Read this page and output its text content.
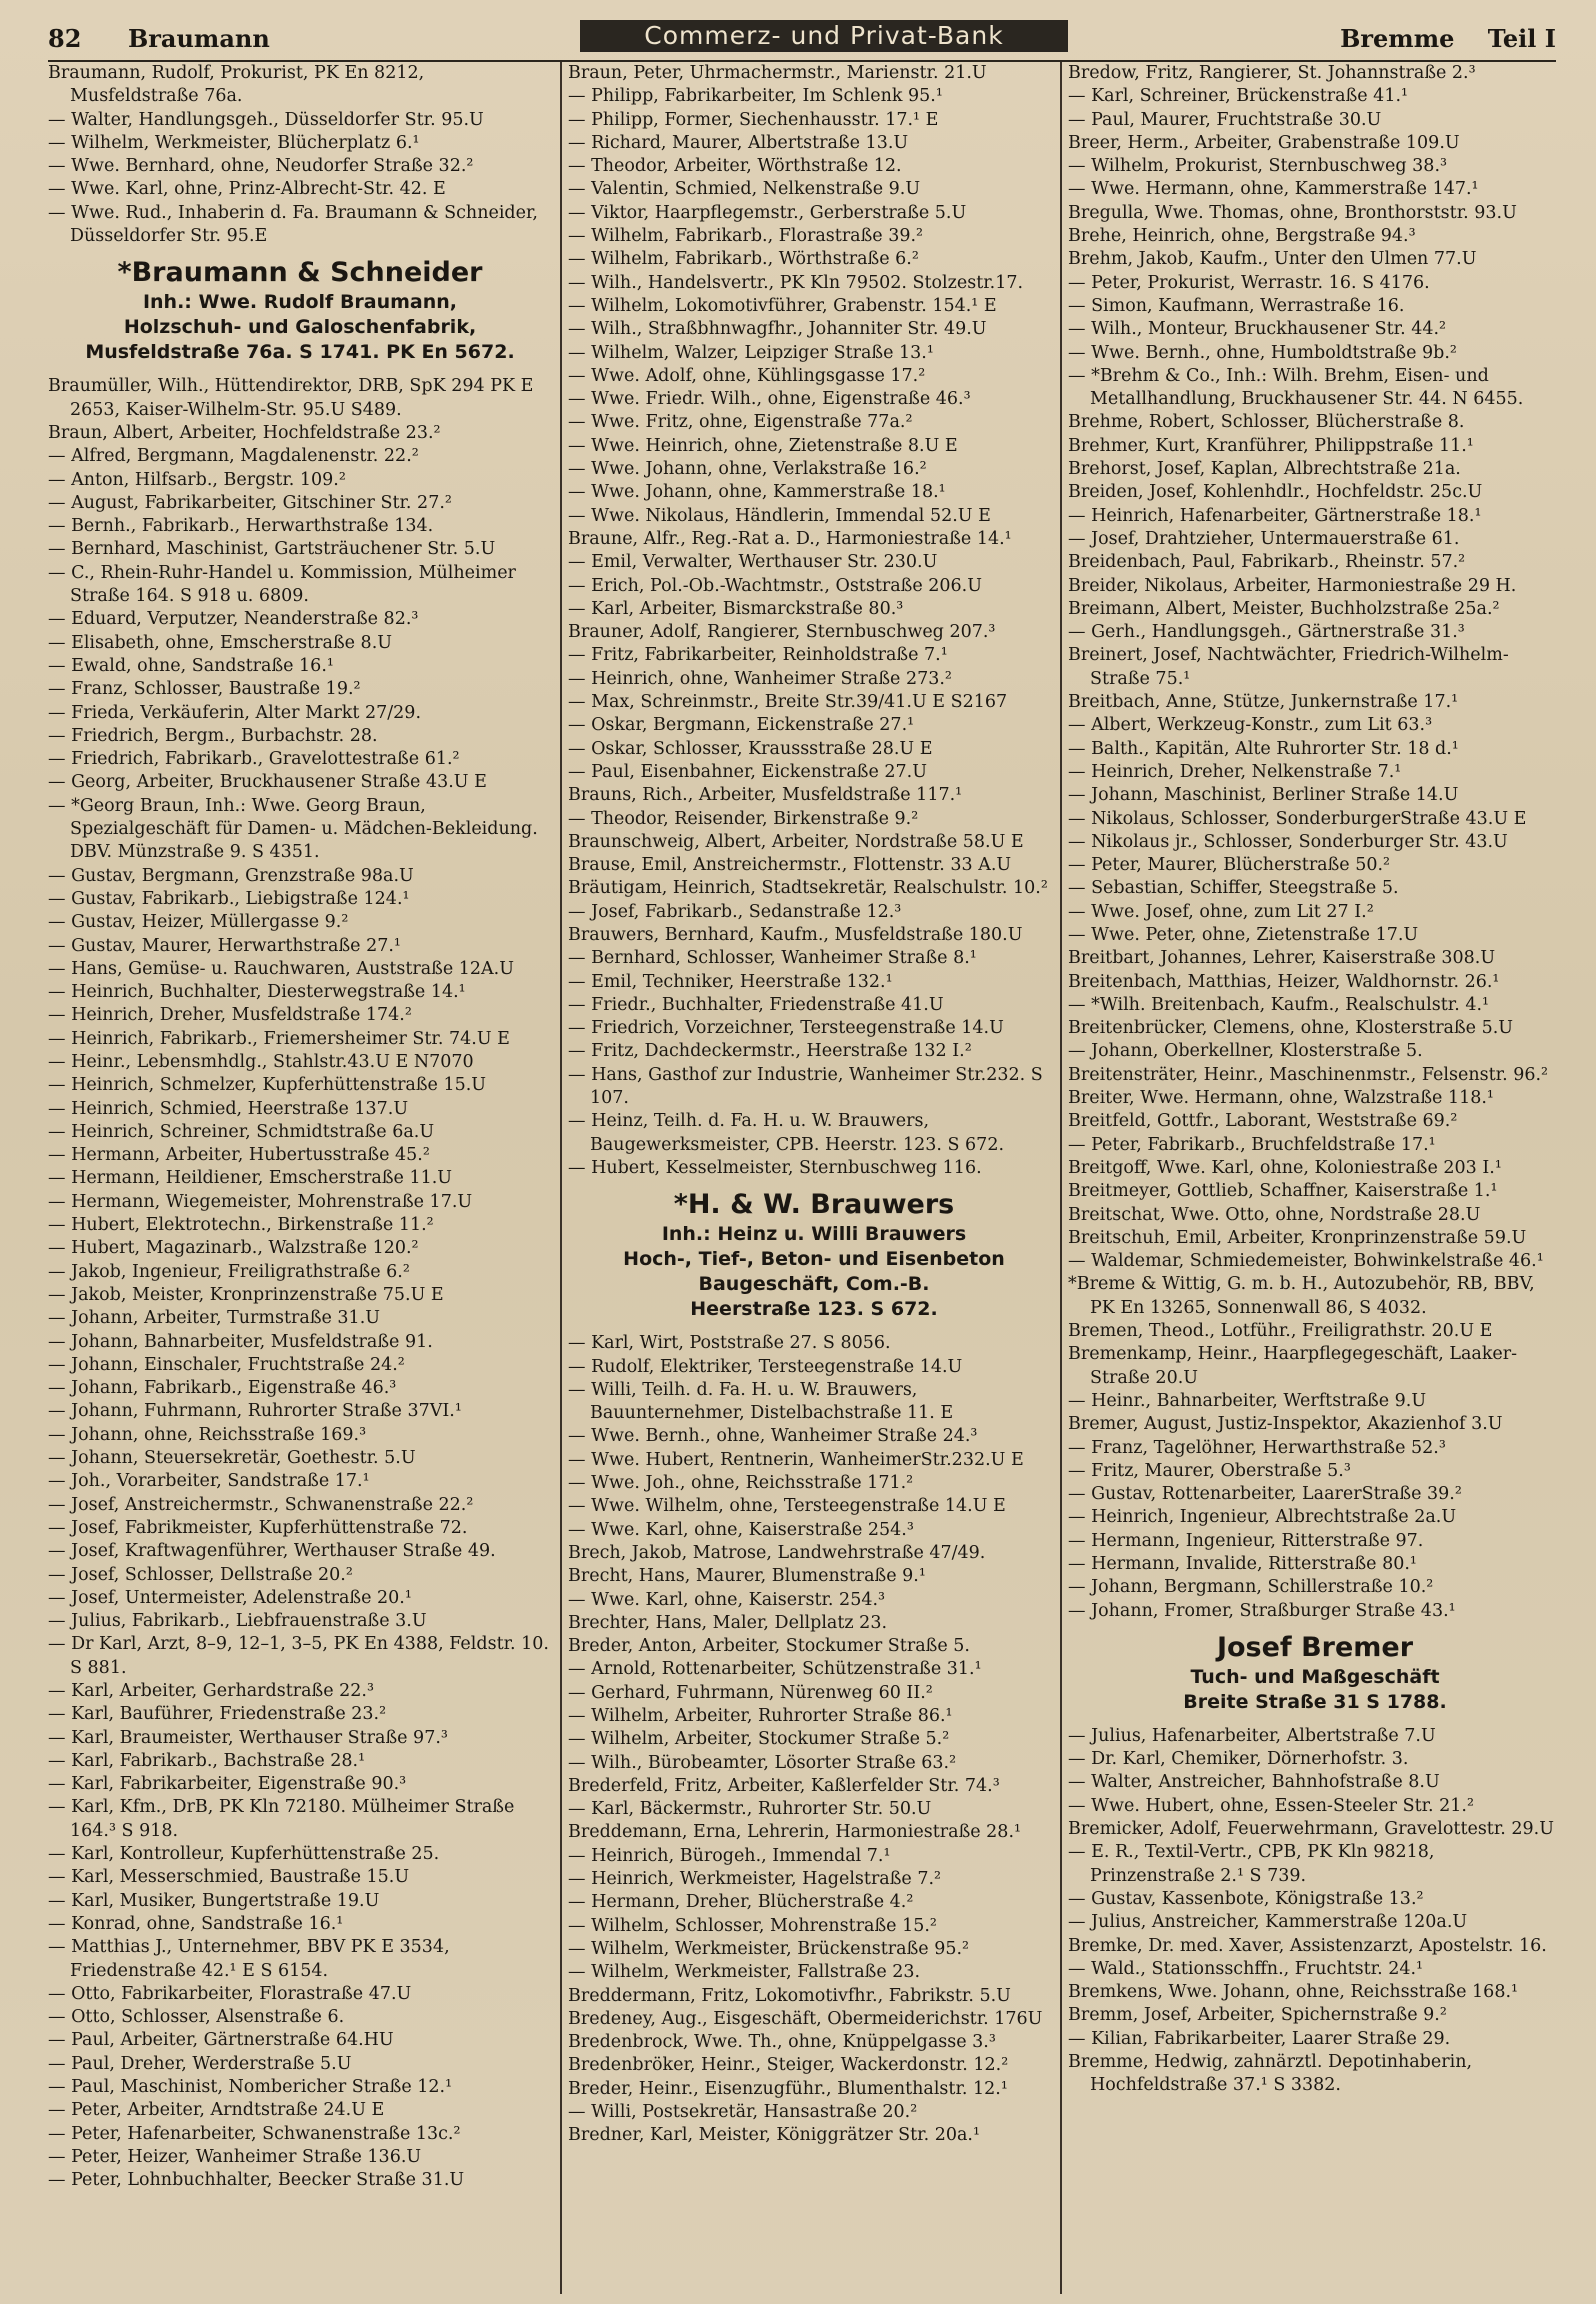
82 Braumann	Commerz- und Privat-Bank	Bremme Teil I
Braumann, Rudolf, Prokurist, PK En 8212, Musfeldstraße 76a.
— Walter, Handlungsgeh., Düsseldorfer Str. 95.U
— Wilhelm, Werkmeister, Blücherplatz 6.¹
— Wwe. Bernhard, ohne, Neudorfer Straße 32.²
— Wwe. Karl, ohne, Prinz-Albrecht-Str. 42. E
— Wwe. Rud., Inhaberin d. Fa. Braumann & Schneider, Düsseldorfer Str. 95.E
*Braumann & Schneider
Inh.: Wwe. Rudolf Braumann,
Holzschuh- und Galoschenfabrik,
Musfeldstraße 76a. S 1741. PK En 5672.
Braumüller, Wilh., Hüttendirektor, DRB, SpK 294 PK E 2653, Kaiser-Wilhelm-Str. 95.U S489.
Braun, Albert, Arbeiter, Hochfeldstraße 23.²
— Alfred, Bergmann, Magdalenenstr. 22.²
— Anton, Hilfsarb., Bergstr. 109.²
— August, Fabrikarbeiter, Gitschiner Str. 27.²
— Bernh., Fabrikarb., Herwarthstraße 134.
— Bernhard, Maschinist, Gartsträuchener Str. 5.U
— C., Rhein-Ruhr-Handel u. Kommission, Mülheimer Straße 164. S 918 u. 6809.
— Eduard, Verputzer, Neanderstraße 82.³
— Elisabeth, ohne, Emscherstraße 8.U
— Ewald, ohne, Sandstraße 16.¹
— Franz, Schlosser, Baustraße 19.²
— Frieda, Verkäuferin, Alter Markt 27/29.
— Friedrich, Bergm., Burbachstr. 28.
— Friedrich, Fabrikarb., Gravelottestraße 61.²
— Georg, Arbeiter, Bruckhausener Straße 43.U E
— *Georg Braun, Inh.: Wwe. Georg Braun, Spezialgeschäft für Damen- u. Mädchen-Bekleidung. DBV. Münzstraße 9. S 4351.
— Gustav, Bergmann, Grenzstraße 98a.U
— Gustav, Fabrikarb., Liebigstraße 124.¹
— Gustav, Heizer, Müllergasse 9.²
— Gustav, Maurer, Herwarthstraße 27.¹
— Hans, Gemüse- u. Rauchwaren, Auststraße 12A.U
— Heinrich, Buchhalter, Diesterwegstraße 14.¹
— Heinrich, Dreher, Musfeldstraße 174.²
— Heinrich, Fabrikarb., Friemersheimer Str. 74.U E
— Heinr., Lebensmhdlg., Stahlstr.43.U E N7070
— Heinrich, Schmelzer, Kupferhüttenstraße 15.U
— Heinrich, Schmied, Heerstraße 137.U
— Heinrich, Schreiner, Schmidtstraße 6a.U
— Hermann, Arbeiter, Hubertusstraße 45.²
— Hermann, Heildiener, Emscherstraße 11.U
— Hermann, Wiegemeister, Mohrenstraße 17.U
— Hubert, Elektrotechn., Birkenstraße 11.²
— Hubert, Magazinarb., Walzstraße 120.²
— Jakob, Ingenieur, Freiligrathstraße 6.²
— Jakob, Meister, Kronprinzenstraße 75.U E
— Johann, Arbeiter, Turmstraße 31.U
— Johann, Bahnarbeiter, Musfeldstraße 91.
— Johann, Einschaler, Fruchtstraße 24.²
— Johann, Fabrikarb., Eigenstraße 46.³
— Johann, Fuhrmann, Ruhrorter Straße 37VI.¹
— Johann, ohne, Reichsstraße 169.³
— Johann, Steuersekretär, Goethestr. 5.U
— Joh., Vorarbeiter, Sandstraße 17.¹
— Josef, Anstreichermstr., Schwanenstraße 22.²
— Josef, Fabrikmeister, Kupferhüttenstraße 72.
— Josef, Kraftwagenführer, Werthauser Straße 49.
— Josef, Schlosser, Dellstraße 20.²
— Josef, Untermeister, Adelenstraße 20.¹
— Julius, Fabrikarb., Liebfrauenstraße 3.U
— Dr Karl, Arzt, 8–9, 12–1, 3–5, PK En 4388, Feldstr. 10. S 881.
— Karl, Arbeiter, Gerhardstraße 22.³
— Karl, Bauführer, Friedenstraße 23.²
— Karl, Braumeister, Werthauser Straße 97.³
— Karl, Fabrikarb., Bachstraße 28.¹
— Karl, Fabrikarbeiter, Eigenstraße 90.³
— Karl, Kfm., DrB, PK Kln 72180. Mülheimer Straße 164.³ S 918.
— Karl, Kontrolleur, Kupferhüttenstraße 25.
— Karl, Messerschmied, Baustraße 15.U
— Karl, Musiker, Bungertstraße 19.U
— Konrad, ohne, Sandstraße 16.¹
— Matthias J., Unternehmer, BBV PK E 3534, Friedenstraße 42.¹ E S 6154.
— Otto, Fabrikarbeiter, Florastraße 47.U
— Otto, Schlosser, Alsenstraße 6.
— Paul, Arbeiter, Gärtnerstraße 64.HU
— Paul, Dreher, Werderstraße 5.U
— Paul, Maschinist, Nombericher Straße 12.¹
— Peter, Arbeiter, Arndtstraße 24.U E
— Peter, Hafenarbeiter, Schwanenstraße 13c.²
— Peter, Heizer, Wanheimer Straße 136.U
— Peter, Lohnbuchhalter, Beecker Straße 31.U
Braun, Peter, Uhrmachermstr., Marienstr. 21.U
— Philipp, Fabrikarbeiter, Im Schlenk 95.¹
— Philipp, Former, Siechenhausstr. 17.¹ E
— Richard, Maurer, Albertstraße 13.U
— Theodor, Arbeiter, Wörthstraße 12.
— Valentin, Schmied, Nelkenstraße 9.U
— Viktor, Haarpflegemstr., Gerberstraße 5.U
— Wilhelm, Fabrikarb., Florastraße 39.²
— Wilhelm, Fabrikarb., Wörthstraße 6.²
— Wilh., Handelsvertr., PK Kln 79502. Stolzestr.17.
— Wilhelm, Lokomotivführer, Grabenstr. 154.¹ E
— Wilh., Straßbhnwagfhr., Johanniter Str. 49.U
— Wilhelm, Walzer, Leipziger Straße 13.¹
— Wwe. Adolf, ohne, Kühlingsgasse 17.²
— Wwe. Friedr. Wilh., ohne, Eigenstraße 46.³
— Wwe. Fritz, ohne, Eigenstraße 77a.²
— Wwe. Heinrich, ohne, Zietenstraße 8.U E
— Wwe. Johann, ohne, Verlakstraße 16.²
— Wwe. Johann, ohne, Kammerstraße 18.¹
— Wwe. Nikolaus, Händlerin, Immendal 52.U E
Braune, Alfr., Reg.-Rat a. D., Harmoniestraße 14.¹
— Emil, Verwalter, Werthauser Str. 230.U
— Erich, Pol.-Ob.-Wachtmstr., Oststraße 206.U
— Karl, Arbeiter, Bismarckstraße 80.³
Brauner, Adolf, Rangierer, Sternbuschweg 207.³
— Fritz, Fabrikarbeiter, Reinholdstraße 7.¹
— Heinrich, ohne, Wanheimer Straße 273.²
— Max, Schreinmstr., Breite Str.39/41.U E S2167
— Oskar, Bergmann, Eickenstraße 27.¹
— Oskar, Schlosser, Kraussstraße 28.U E
— Paul, Eisenbahner, Eickenstraße 27.U
Brauns, Rich., Arbeiter, Musfeldstraße 117.¹
— Theodor, Reisender, Birkenstraße 9.²
Braunschweig, Albert, Arbeiter, Nordstraße 58.U E
Brause, Emil, Anstreichermstr., Flottenstr. 33 A.U
Bräutigam, Heinrich, Stadtsekretär, Realschulstr. 10.²
— Josef, Fabrikarb., Sedanstraße 12.³
Brauwers, Bernhard, Kaufm., Musfeldstraße 180.U
— Bernhard, Schlosser, Wanheimer Straße 8.¹
— Emil, Techniker, Heerstraße 132.¹
— Friedr., Buchhalter, Friedenstraße 41.U
— Friedrich, Vorzeichner, Tersteegenstraße 14.U
— Fritz, Dachdeckermstr., Heerstraße 132 I.²
— Hans, Gasthof zur Industrie, Wanheimer Str.232. S 107.
— Heinz, Teilh. d. Fa. H. u. W. Brauwers, Baugewerksmeister, CPB. Heerstr. 123. S 672.
— Hubert, Kesselmeister, Sternbuschweg 116.
*H. & W. Brauwers
Inh.: Heinz u. Willi Brauwers
Hoch-, Tief-, Beton- und Eisenbeton
Baugeschäft, Com.-B.
Heerstraße 123. S 672.
— Karl, Wirt, Poststraße 27. S 8056.
— Rudolf, Elektriker, Tersteegenstraße 14.U
— Willi, Teilh. d. Fa. H. u. W. Brauwers, Bauunternehmer, Distelbachstraße 11. E
— Wwe. Bernh., ohne, Wanheimer Straße 24.³
— Wwe. Hubert, Rentnerin, WanheimerStr.232.U E
— Wwe. Joh., ohne, Reichsstraße 171.²
— Wwe. Wilhelm, ohne, Tersteegenstraße 14.U E
— Wwe. Karl, ohne, Kaiserstraße 254.³
Brech, Jakob, Matrose, Landwehrstraße 47/49.
Brecht, Hans, Maurer, Blumenstraße 9.¹
— Wwe. Karl, ohne, Kaiserstr. 254.³
Brechter, Hans, Maler, Dellplatz 23.
Breder, Anton, Arbeiter, Stockumer Straße 5.
— Arnold, Rottenarbeiter, Schützenstraße 31.¹
— Gerhard, Fuhrmann, Nürenweg 60 II.²
— Wilhelm, Arbeiter, Ruhrorter Straße 86.¹
— Wilhelm, Arbeiter, Stockumer Straße 5.²
— Wilh., Bürobeamter, Lösorter Straße 63.²
Brederfeld, Fritz, Arbeiter, Kaßlerfelder Str. 74.³
— Karl, Bäckermstr., Ruhrorter Str. 50.U
Breddemann, Erna, Lehrerin, Harmoniestraße 28.¹
— Heinrich, Bürogeh., Immendal 7.¹
— Heinrich, Werkmeister, Hagelstraße 7.²
— Hermann, Dreher, Blücherstraße 4.²
— Wilhelm, Schlosser, Mohrenstraße 15.²
— Wilhelm, Werkmeister, Brückenstraße 95.²
— Wilhelm, Werkmeister, Fallstraße 23.
Breddermann, Fritz, Lokomotivfhr., Fabrikstr. 5.U
Bredeney, Aug., Eisgeschäft, Obermeiderichstr. 176U
Bredenbrock, Wwe. Th., ohne, Knüppelgasse 3.³
Bredenbröker, Heinr., Steiger, Wackerdonstr. 12.²
Breder, Heinr., Eisenzugführ., Blumenthalstr. 12.¹
— Willi, Postsekretär, Hansastraße 20.²
Bredner, Karl, Meister, Königgrätzer Str. 20a.¹
Bredow, Fritz, Rangierer, St. Johannstraße 2.³
— Karl, Schreiner, Brückenstraße 41.¹
— Paul, Maurer, Fruchtstraße 30.U
Breer, Herm., Arbeiter, Grabenstraße 109.U
— Wilhelm, Prokurist, Sternbuschweg 38.³
— Wwe. Hermann, ohne, Kammerstraße 147.¹
Bregulla, Wwe. Thomas, ohne, Bronthorststr. 93.U
Brehe, Heinrich, ohne, Bergstraße 94.³
Brehm, Jakob, Kaufm., Unter den Ulmen 77.U
— Peter, Prokurist, Werrastr. 16. S 4176.
— Simon, Kaufmann, Werrastraße 16.
— Wilh., Monteur, Bruckhausener Str. 44.²
— Wwe. Bernh., ohne, Humboldtstraße 9b.²
— *Brehm & Co., Inh.: Wilh. Brehm, Eisen- und Metallhandlung, Bruckhausener Str. 44. N 6455.
Brehme, Robert, Schlosser, Blücherstraße 8.
Brehmer, Kurt, Kranführer, Philippstraße 11.¹
Brehorst, Josef, Kaplan, Albrechtstraße 21a.
Breiden, Josef, Kohlenhdlr., Hochfeldstr. 25c.U
— Heinrich, Hafenarbeiter, Gärtnerstraße 18.¹
— Josef, Drahtzieher, Untermauerstraße 61.
Breidenbach, Paul, Fabrikarb., Rheinstr. 57.²
Breider, Nikolaus, Arbeiter, Harmoniestraße 29 H.
Breimann, Albert, Meister, Buchholzstraße 25a.²
— Gerh., Handlungsgeh., Gärtnerstraße 31.³
Breinert, Josef, Nachtwächter, Friedrich-Wilhelm-Straße 75.¹
Breitbach, Anne, Stütze, Junkernstraße 17.¹
— Albert, Werkzeug-Konstr., zum Lit 63.³
— Balth., Kapitän, Alte Ruhrorter Str. 18 d.¹
— Heinrich, Dreher, Nelkenstraße 7.¹
— Johann, Maschinist, Berliner Straße 14.U
— Nikolaus, Schlosser, SonderburgerStraße 43.U E
— Nikolaus jr., Schlosser, Sonderburger Str. 43.U
— Peter, Maurer, Blücherstraße 50.²
— Sebastian, Schiffer, Steegstraße 5.
— Wwe. Josef, ohne, zum Lit 27 I.²
— Wwe. Peter, ohne, Zietenstraße 17.U
Breitbart, Johannes, Lehrer, Kaiserstraße 308.U
Breitenbach, Matthias, Heizer, Waldhornstr. 26.¹
— *Wilh. Breitenbach, Kaufm., Realschulstr. 4.¹
Breitenbrücker, Clemens, ohne, Klosterstraße 5.U
— Johann, Oberkellner, Klosterstraße 5.
Breitensträter, Heinr., Maschinenmstr., Felsenstr. 96.²
Breiter, Wwe. Hermann, ohne, Walzstraße 118.¹
Breitfeld, Gottfr., Laborant, Weststraße 69.²
— Peter, Fabrikarb., Bruchfeldstraße 17.¹
Breitgoff, Wwe. Karl, ohne, Koloniestraße 203 I.¹
Breitmeyer, Gottlieb, Schaffner, Kaiserstraße 1.¹
Breitschat, Wwe. Otto, ohne, Nordstraße 28.U
Breitschuh, Emil, Arbeiter, Kronprinzenstraße 59.U
— Waldemar, Schmiedemeister, Bohwinkelstraße 46.¹
*Breme & Wittig, G. m. b. H., Autozubehör, RB, BBV, PK En 13265, Sonnenwall 86, S 4032.
Bremen, Theod., Lotführ., Freiligrathstr. 20.U E
Bremenkamp, Heinr., Haarpflegegeschäft, Laaker-Straße 20.U
— Heinr., Bahnarbeiter, Werftstraße 9.U
Bremer, August, Justiz-Inspektor, Akazienhof 3.U
— Franz, Tagelöhner, Herwarthstraße 52.³
— Fritz, Maurer, Oberstraße 5.³
— Gustav, Rottenarbeiter, LaarerStraße 39.²
— Heinrich, Ingenieur, Albrechtstraße 2a.U
— Hermann, Ingenieur, Ritterstraße 97.
— Hermann, Invalide, Ritterstraße 80.¹
— Johann, Bergmann, Schillerstraße 10.²
— Johann, Fromer, Straßburger Straße 43.¹
Josef Bremer
Tuch- und Maßgeschäft
Breite Straße 31 S 1788.
— Julius, Hafenarbeiter, Albertstraße 7.U
— Dr. Karl, Chemiker, Dörnerhofstr. 3.
— Walter, Anstreicher, Bahnhofstraße 8.U
— Wwe. Hubert, ohne, Essen-Steeler Str. 21.²
Bremicker, Adolf, Feuerwehrmann, Gravelottestr. 29.U
— E. R., Textil-Vertr., CPB, PK Kln 98218, Prinzenstraße 2.¹ S 739.
— Gustav, Kassenbote, Königstraße 13.²
— Julius, Anstreicher, Kammerstraße 120a.U
Bremke, Dr. med. Xaver, Assistenzarzt, Apostelstr. 16.
— Wald., Stationsschffn., Fruchtstr. 24.¹
Bremkens, Wwe. Johann, ohne, Reichsstraße 168.¹
Bremm, Josef, Arbeiter, Spichernstraße 9.²
— Kilian, Fabrikarbeiter, Laarer Straße 29.
Bremme, Hedwig, zahnärztl. Depotinhaberin, Hochfeldstraße 37.¹ S 3382.
